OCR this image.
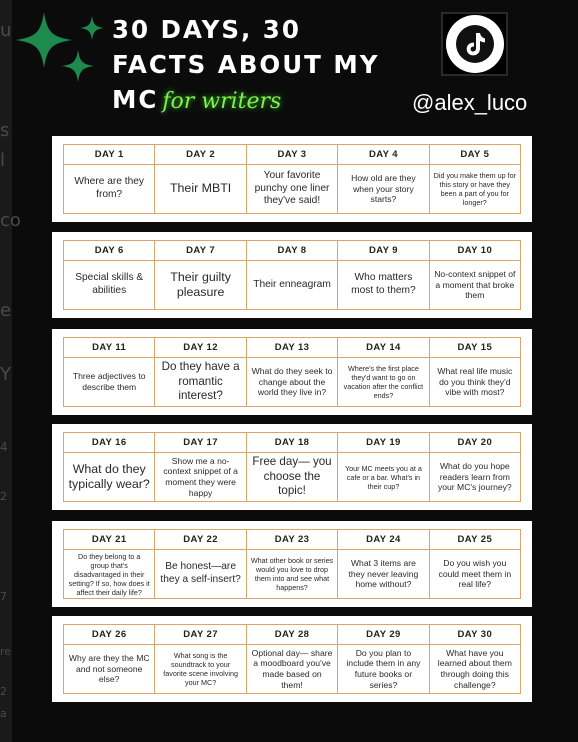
u
s
l
co
e
Y
4
2
7
re
2
a
30 DAYS, 30
FACTS ABOUT MY
MC for writers	@alex_luco
DAY 1
Where are they from?
DAY 2
Their MBTI
DAY 3
Your favorite punchy one liner they've said!
DAY 4
How old are they when your story starts?
DAY 5
Did you make them up for this story or have they been a part of you for longer?
DAY 6
Special skills & abilities
DAY 7
Their guilty pleasure
DAY 8
Their enneagram
DAY 9
Who matters most to them?
DAY 10
No-context snippet of a moment that broke them
DAY 11
Three adjectives to describe them
DAY 12
Do they have a romantic interest?
DAY 13
What do they seek to change about the world they live in?
DAY 14
Where's the first place they'd want to go on vacation after the conflict ends?
DAY 15
What real life music do you think they'd vibe with most?
DAY 16
What do they typically wear?
DAY 17
Show me a no-context snippet of a moment they were happy
DAY 18
Free day— you choose the topic!
DAY 19
Your MC meets you at a cafe or a bar. What's in their cup?
DAY 20
What do you hope readers learn from your MC's journey?
DAY 21
Do they belong to a group that's disadvantaged in their setting? If so, how does it affect their daily life?
DAY 22
Be honest—are they a self-insert?
DAY 23
What other book or series would you love to drop them into and see what happens?
DAY 24
What 3 items are they never leaving home without?
DAY 25
Do you wish you could meet them in real life?
DAY 26
Why are they the MC and not someone else?
DAY 27
What song is the soundtrack to your favorite scene involving your MC?
DAY 28
Optional day— share a moodboard you've made based on them!
DAY 29
Do you plan to include them in any future books or series?
DAY 30
What have you learned about them through doing this challenge?
